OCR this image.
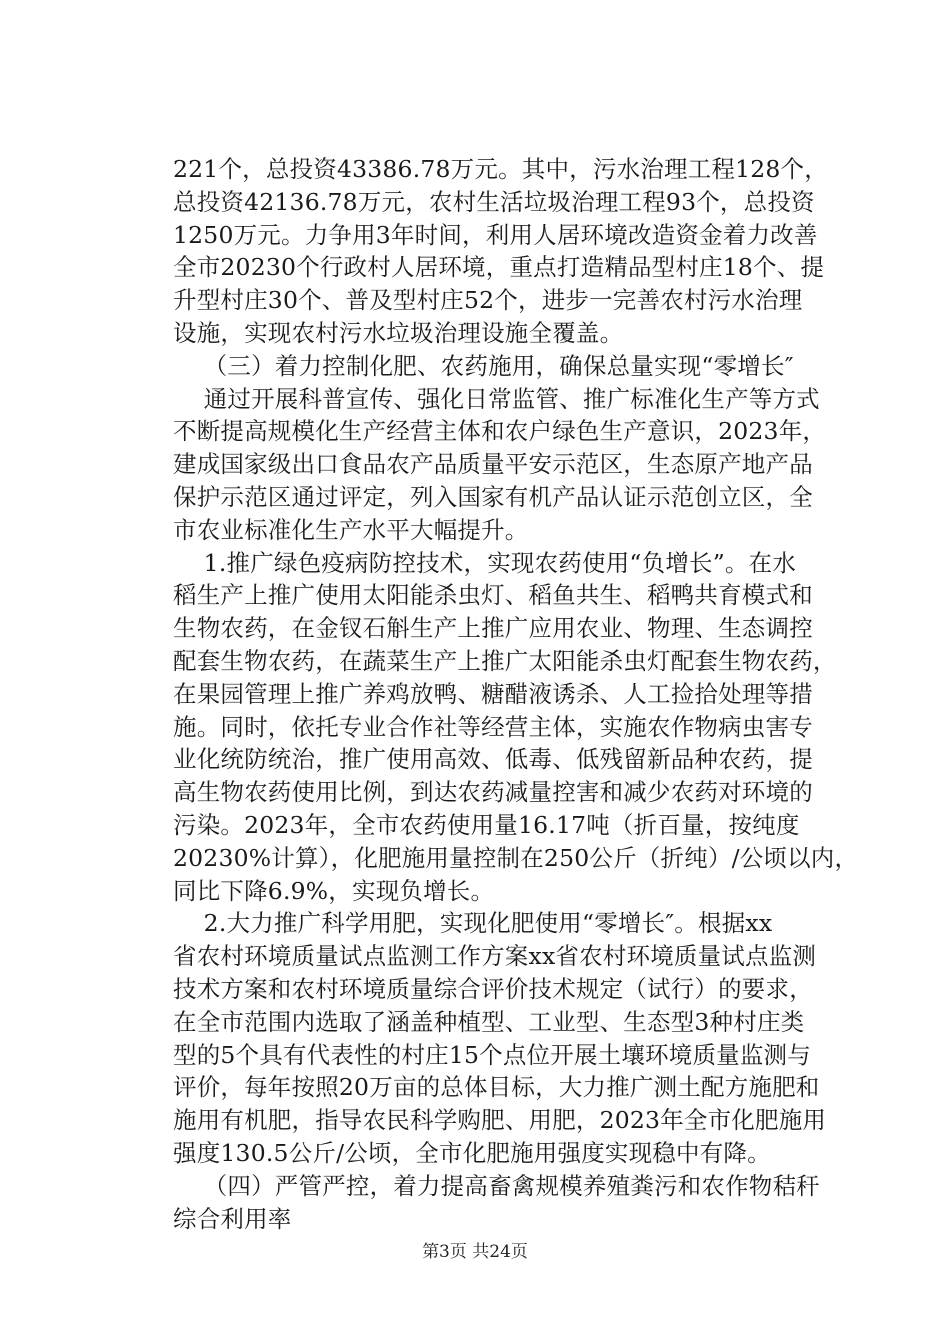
221个，总投资43386.78万元。其中，污水治理工程128个，
总投资42136.78万元，农村生活垃圾治理工程93个，总投资
1250万元。力争用3年时间，利用人居环境改造资金着力改善
全市20230个行政村人居环境，重点打造精品型村庄18个、提
升型村庄30个、普及型村庄52个，进步一完善农村污水治理
设施，实现农村污水垃圾治理设施全覆盖。
（三）着力控制化肥、农药施用，确保总量实现“零增长″
通过开展科普宣传、强化日常监管、推广标准化生产等方式
不断提高规模化生产经营主体和农户绿色生产意识，2023年，
建成国家级出口食品农产品质量平安示范区，生态原产地产品
保护示范区通过评定，列入国家有机产品认证示范创立区，全
市农业标准化生产水平大幅提升。
1.推广绿色疫病防控技术，实现农药使用“负增长”。在水
稻生产上推广使用太阳能杀虫灯、稻鱼共生、稻鸭共育模式和
生物农药，在金钗石斛生产上推广应用农业、物理、生态调控
配套生物农药，在蔬菜生产上推广太阳能杀虫灯配套生物农药，
在果园管理上推广养鸡放鸭、糖醋液诱杀、人工捡拾处理等措
施。同时，依托专业合作社等经营主体，实施农作物病虫害专
业化统防统治，推广使用高效、低毒、低残留新品种农药，提
高生物农药使用比例，到达农药减量控害和减少农药对环境的
污染。2023年，全市农药使用量16.17吨（折百量，按纯度
20230%计算），化肥施用量控制在250公斤（折纯）/公顷以内，
同比下降6.9%，实现负增长。
2.大力推广科学用肥，实现化肥使用“零增长″。根据xx
省农村环境质量试点监测工作方案xx省农村环境质量试点监测
技术方案和农村环境质量综合评价技术规定（试行）的要求，
在全市范围内选取了涵盖种植型、工业型、生态型3种村庄类
型的5个具有代表性的村庄15个点位开展土壤环境质量监测与
评价，每年按照20万亩的总体目标，大力推广测土配方施肥和
施用有机肥，指导农民科学购肥、用肥，2023年全市化肥施用
强度130.5公斤/公顷，全市化肥施用强度实现稳中有降。
（四）严管严控，着力提高畜禽规模养殖粪污和农作物秸秆
综合利用率
第3页 共24页
